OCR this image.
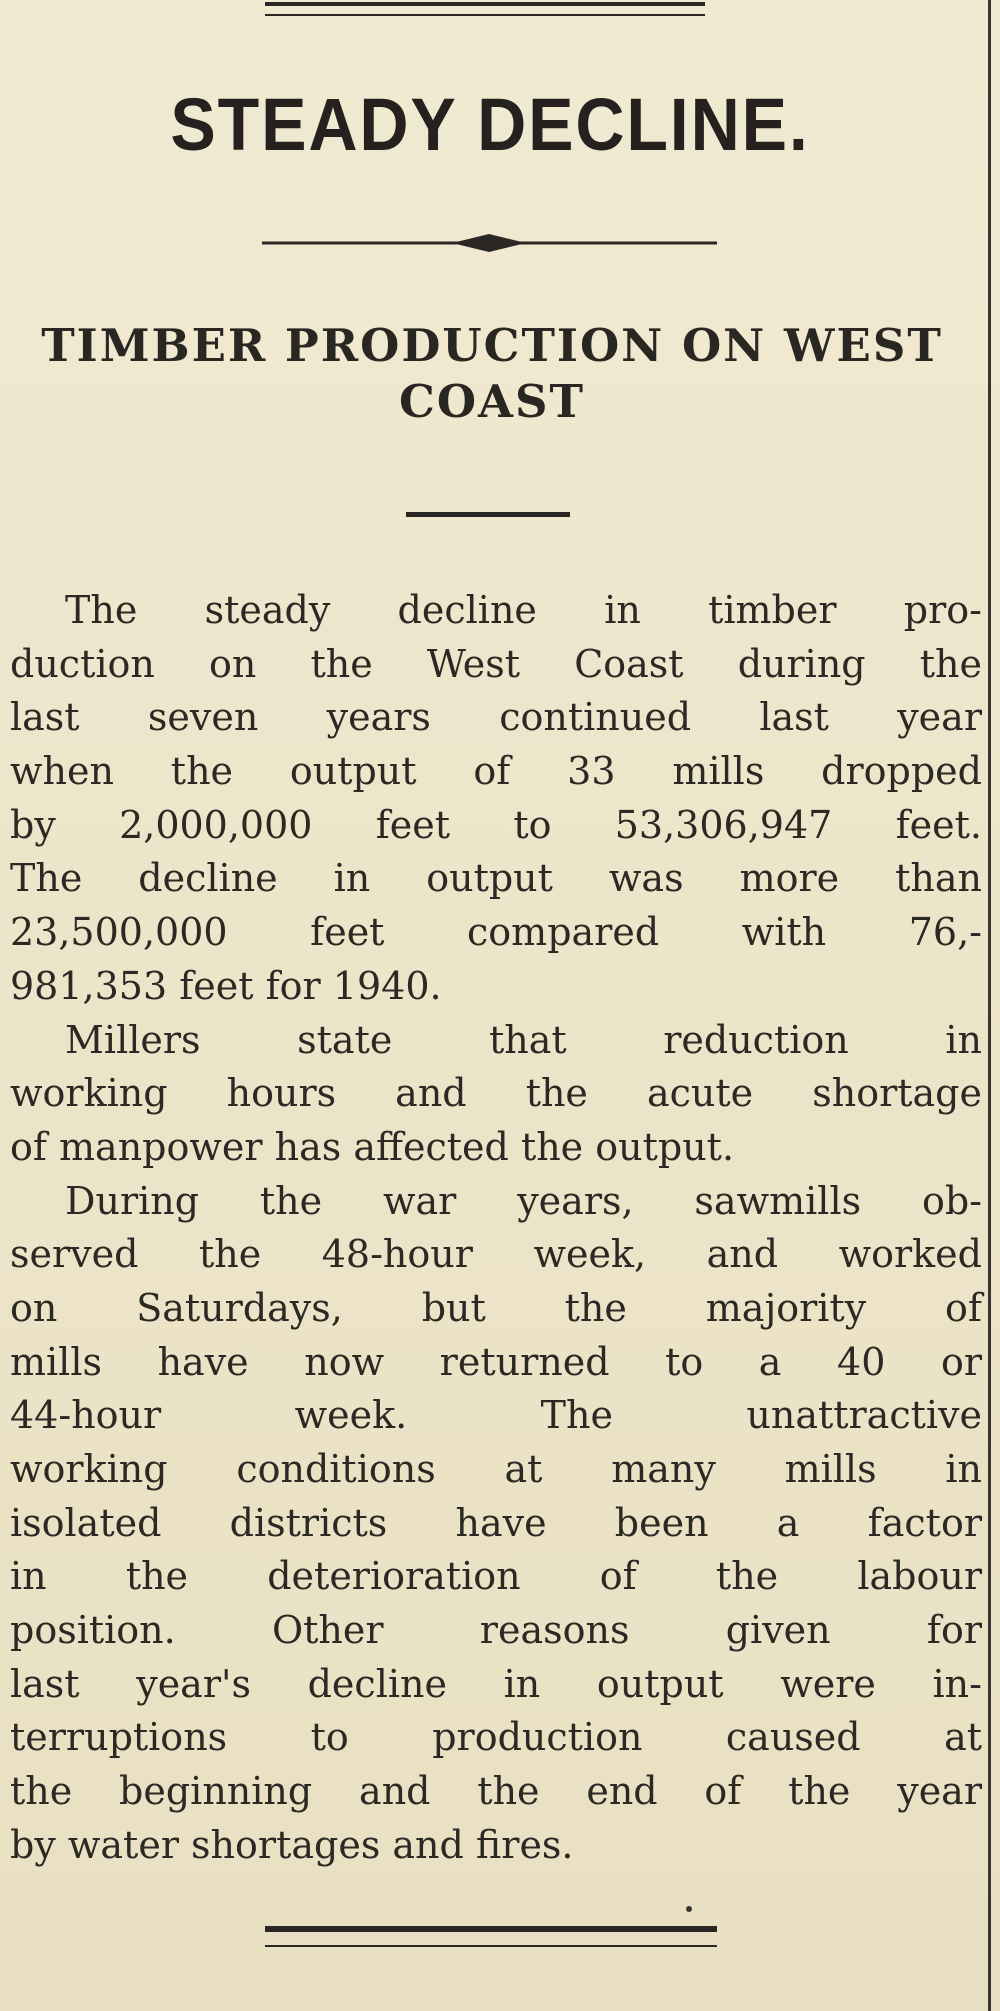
STEADY DECLINE.
TIMBER PRODUCTION ON WEST COAST
The steady decline in timber pro-
duction on the West Coast during the
last seven years continued last year
when the output of 33 mills dropped
by 2,000,000 feet to 53,306,947 feet.
The decline in output was more than
23,500,000 feet compared with 76,-
981,353 feet for 1940.
Millers state that reduction in
working hours and the acute shortage
of manpower has affected the output.
During the war years, sawmills ob-
served the 48-hour week, and worked
on Saturdays, but the majority of
mills have now returned to a 40 or
44-hour week. The unattractive
working conditions at many mills in
isolated districts have been a factor
in the deterioration of the labour
position. Other reasons given for
last year's decline in output were in-
terruptions to production caused at
the beginning and the end of the year
by water shortages and fires.
